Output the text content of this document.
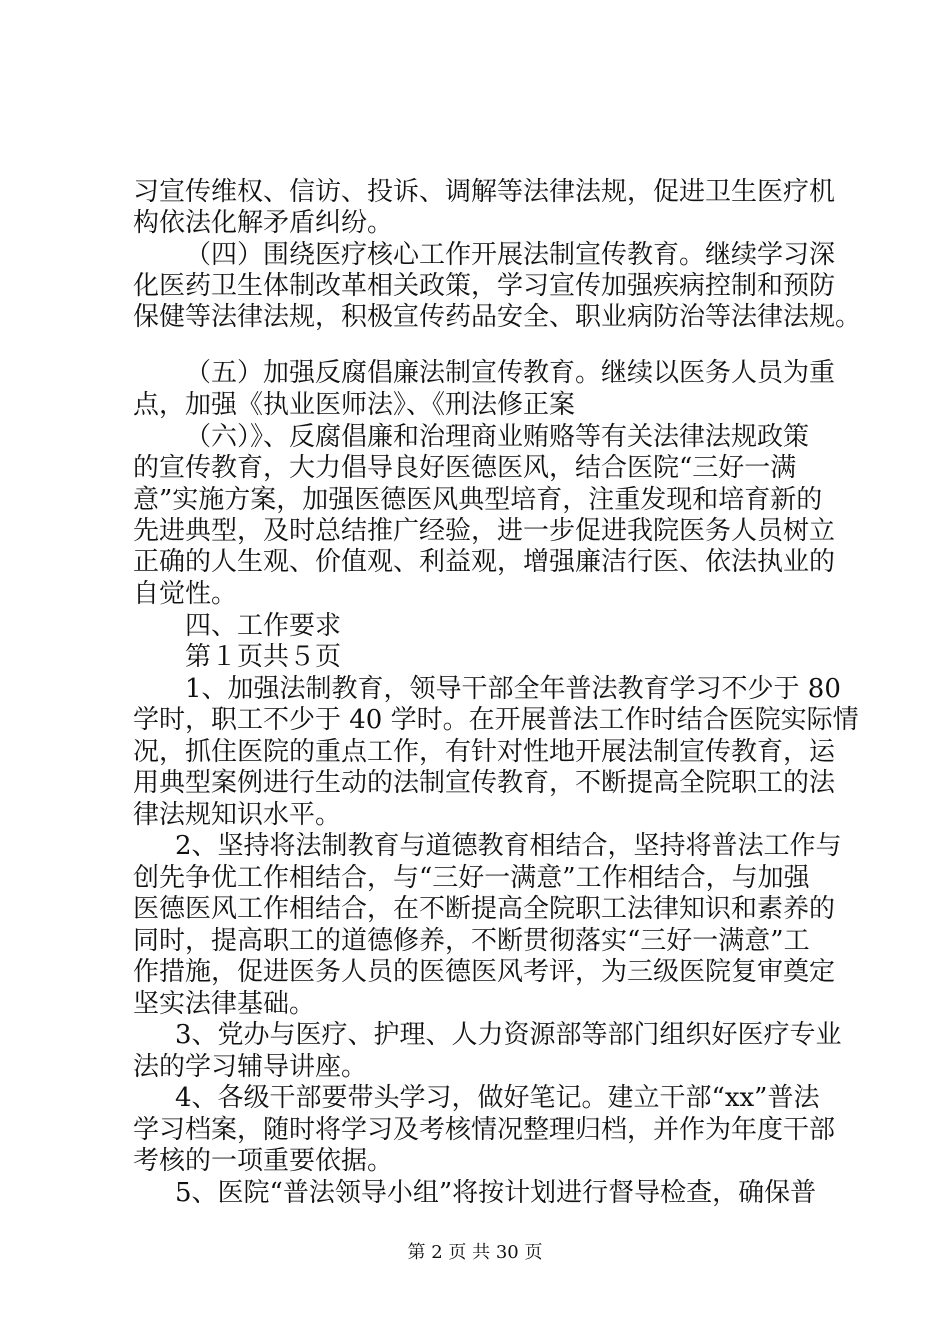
习宣传维权、信访、投诉、调解等法律法规，促进卫生医疗机
构依法化解矛盾纠纷。
（四）围绕医疗核心工作开展法制宣传教育。继续学习深
化医药卫生体制改革相关政策，学习宣传加强疾病控制和预防
保健等法律法规，积极宣传药品安全、职业病防治等法律法规。
（五）加强反腐倡廉法制宣传教育。继续以医务人员为重
点，加强《执业医师法》、《刑法修正案
（六）》、反腐倡廉和治理商业贿赂等有关法律法规政策
的宣传教育，大力倡导良好医德医风，结合医院“三好一满
意”实施方案，加强医德医风典型培育，注重发现和培育新的
先进典型，及时总结推广经验，进一步促进我院医务人员树立
正确的人生观、价值观、利益观，增强廉洁行医、依法执业的
自觉性。
四、工作要求
第１页共５页
1、加强法制教育，领导干部全年普法教育学习不少于 80
学时，职工不少于 40 学时。在开展普法工作时结合医院实际情
况，抓住医院的重点工作，有针对性地开展法制宣传教育，运
用典型案例进行生动的法制宣传教育，不断提高全院职工的法
律法规知识水平。
2、坚持将法制教育与道德教育相结合，坚持将普法工作与
创先争优工作相结合，与“三好一满意”工作相结合，与加强
医德医风工作相结合，在不断提高全院职工法律知识和素养的
同时，提高职工的道德修养，不断贯彻落实“三好一满意”工
作措施，促进医务人员的医德医风考评，为三级医院复审奠定
坚实法律基础。
3、党办与医疗、护理、人力资源部等部门组织好医疗专业
法的学习辅导讲座。
4、各级干部要带头学习，做好笔记。建立干部“xx”普法
学习档案，随时将学习及考核情况整理归档，并作为年度干部
考核的一项重要依据。
5、医院“普法领导小组”将按计划进行督导检查，确保普
第 2 页 共 30 页
